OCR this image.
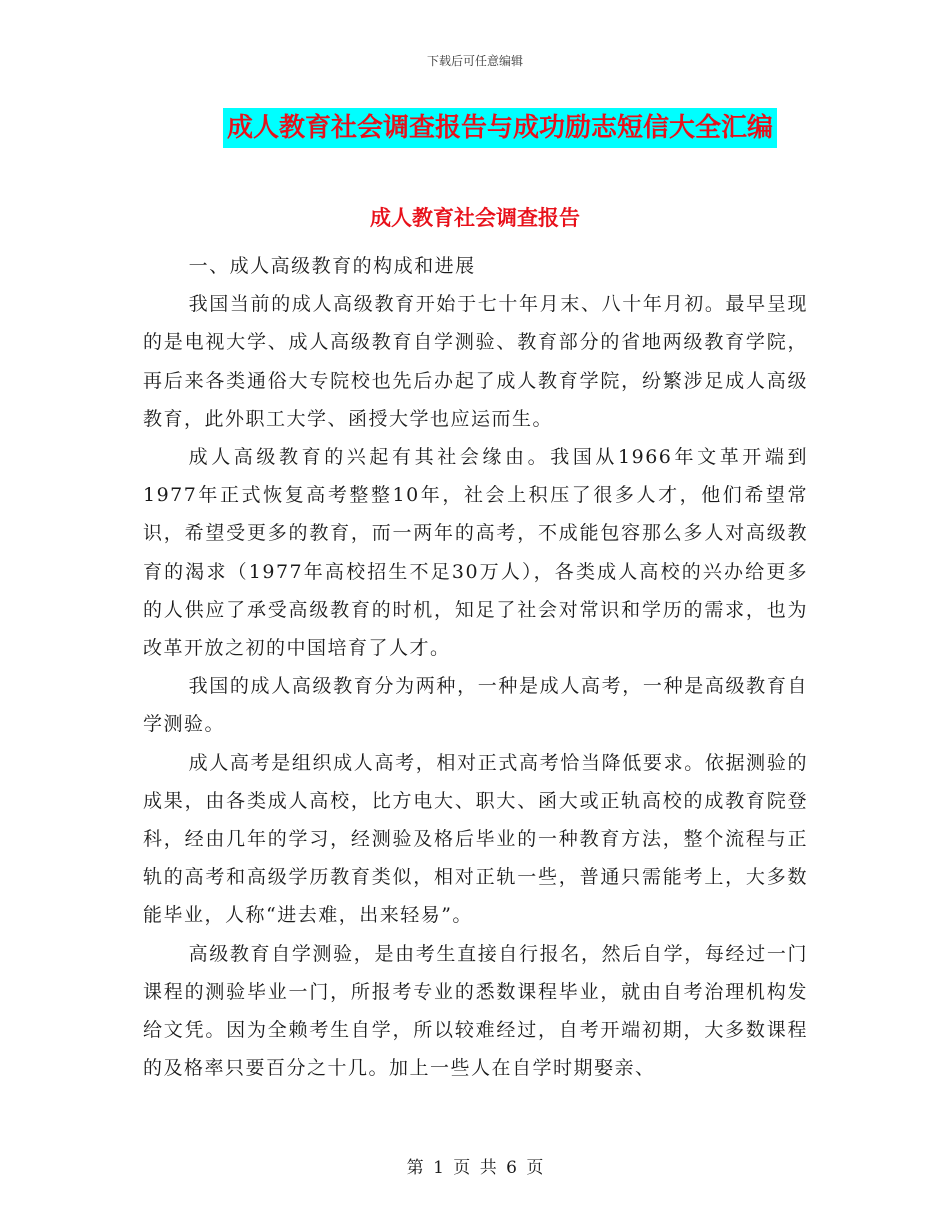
下载后可任意编辑
成人教育社会调查报告与成功励志短信大全汇编
成人教育社会调查报告

一、成人高级教育的构成和进展

我国当前的成人高级教育开始于七十年月末、八十年月初。最早呈现的是电视大学、成人高级教育自学测验、教育部分的省地两级教育学院，再后来各类通俗大专院校也先后办起了成人教育学院，纷繁涉足成人高级教育，此外职工大学、函授大学也应运而生。

成人高级教育的兴起有其社会缘由。我国从1966年文革开端到1977年正式恢复高考整整10年，社会上积压了很多人才，他们希望常识，希望受更多的教育，而一两年的高考，不成能包容那么多人对高级教育的渴求（1977年高校招生不足30万人），各类成人高校的兴办给更多的人供应了承受高级教育的时机，知足了社会对常识和学历的需求，也为改革开放之初的中国培育了人才。

我国的成人高级教育分为两种，一种是成人高考，一种是高级教育自学测验。

成人高考是组织成人高考，相对正式高考恰当降低要求。依据测验的成果，由各类成人高校，比方电大、职大、函大或正轨高校的成教育院登科，经由几年的学习，经测验及格后毕业的一种教育方法，整个流程与正轨的高考和高级学历教育类似，相对正轨一些，普通只需能考上，大多数能毕业，人称“进去难，出来轻易”。

高级教育自学测验，是由考生直接自行报名，然后自学，每经过一门课程的测验毕业一门，所报考专业的悉数课程毕业，就由自考治理机构发给文凭。因为全赖考生自学，所以较难经过，自考开端初期，大多数课程的及格率只要百分之十几。加上一些人在自学时期娶亲、

第 1 页 共 6 页
